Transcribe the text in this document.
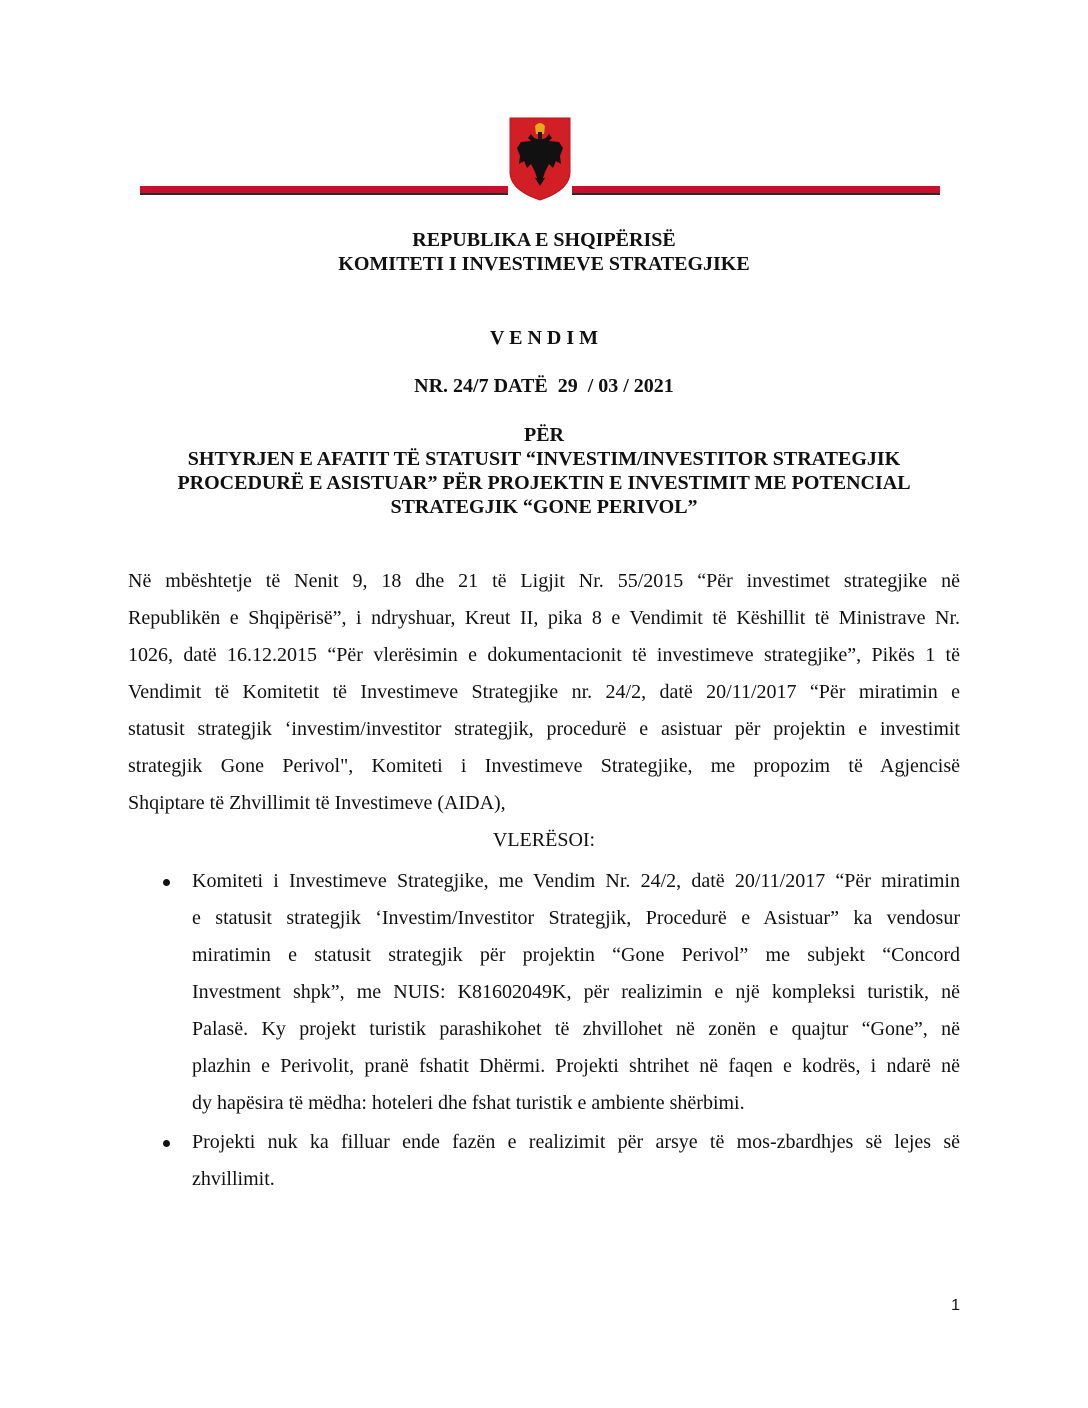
REPUBLIKA E SHQIPËRISË
KOMITETI I INVESTIMEVE STRATEGJIKE
V E N D I M
NR. 24/7 DATË  29  / 03 / 2021
PËR
SHTYRJEN E AFATIT TË STATUSIT “INVESTIM/INVESTITOR STRATEGJIK
PROCEDURË E ASISTUAR” PËR PROJEKTIN E INVESTIMIT ME POTENCIAL
STRATEGJIK “GONE PERIVOL”
Në mbështetje të Nenit 9, 18 dhe 21 të Ligjit Nr. 55/2015 “Për investimet strategjike në
Republikën e Shqipërisë”, i ndryshuar, Kreut II, pika 8 e Vendimit të Këshillit të Ministrave Nr.
1026, datë 16.12.2015 “Për vlerësimin e dokumentacionit të investimeve strategjike”, Pikës 1 të
Vendimit të Komitetit të Investimeve Strategjike nr. 24/2, datë 20/11/2017 “Për miratimin e
statusit strategjik ‘investim/investitor strategjik, procedurë e asistuar për projektin e investimit
strategjik Gone Perivol", Komiteti i Investimeve Strategjike, me propozim të Agjencisë
Shqiptare të Zhvillimit të Investimeve (AIDA),
VLERËSOI:
Komiteti i Investimeve Strategjike, me Vendim Nr. 24/2, datë 20/11/2017 “Për miratimin
e statusit strategjik ‘Investim/Investitor Strategjik, Procedurë e Asistuar” ka vendosur
miratimin e statusit strategjik për projektin “Gone Perivol” me subjekt “Concord
Investment shpk”, me NUIS: K81602049K, për realizimin e një kompleksi turistik, në
Palasë. Ky projekt turistik parashikohet të zhvillohet në zonën e quajtur “Gone”, në
plazhin e Perivolit, pranë fshatit Dhërmi. Projekti shtrihet në faqen e kodrës, i ndarë në
dy hapësira të mëdha: hoteleri dhe fshat turistik e ambiente shërbimi.
Projekti nuk ka filluar ende fazën e realizimit për arsye të mos-zbardhjes së lejes së
zhvillimit.
1
